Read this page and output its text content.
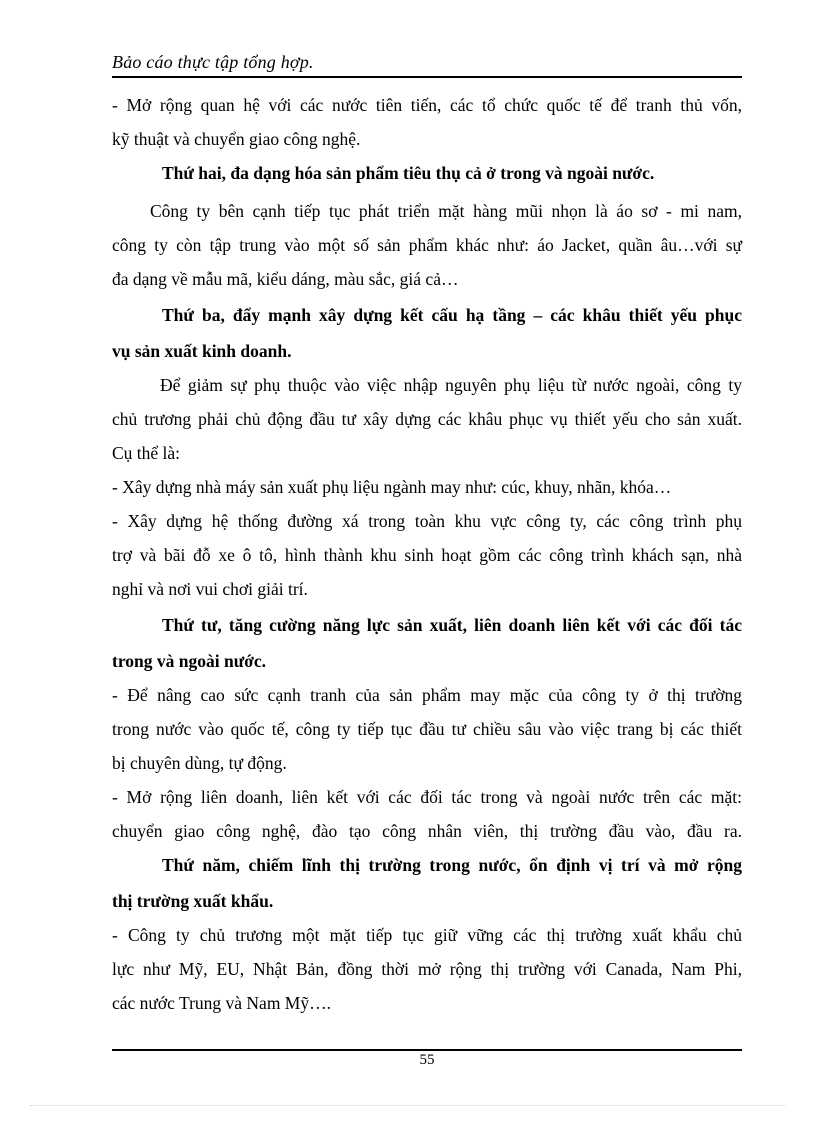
Bảo cáo thực tập tổng hợp.
- Mở rộng quan hệ với các nước tiên tiến, các tổ chức quốc tế để tranh thủ vốn,
kỹ thuật và chuyển giao công nghệ.
Thứ hai, đa dạng hóa sản phẩm tiêu thụ cả ở trong và ngoài nước.
Công ty bên cạnh tiếp tục phát triển mặt hàng mũi nhọn là áo sơ - mi nam,
công ty còn tập trung vào một số sản phẩm khác như: áo Jacket, quần âu…với sự
đa dạng về mẫu mã, kiểu dáng, màu sắc, giá cả…
Thứ ba, đẩy mạnh xây dựng kết cấu hạ tầng – các khâu thiết yếu phục
vụ sản xuất kinh doanh.
Để giảm sự phụ thuộc vào việc nhập nguyên phụ liệu từ nước ngoài, công ty
chủ trương phải chủ động đầu tư xây dựng các khâu phục vụ thiết yếu cho sản xuất.
Cụ thể là:
- Xây dựng nhà máy sản xuất phụ liệu ngành may như: cúc, khuy, nhãn, khóa…
- Xây dựng hệ thống đường xá trong toàn khu vực công ty, các công trình phụ
trợ và bãi đỗ xe ô tô, hình thành khu sinh hoạt gồm các công trình khách sạn, nhà
nghỉ và nơi vui chơi giải trí.
Thứ tư, tăng cường năng lực sản xuất, liên doanh liên kết với các đối tác
trong và ngoài nước.
- Để nâng cao sức cạnh tranh của sản phẩm may mặc của công ty ở thị trường
trong nước vào quốc tế, công ty tiếp tục đầu tư chiều sâu vào việc trang bị các thiết
bị chuyên dùng, tự động.
- Mở rộng liên doanh, liên kết với các đối tác trong và ngoài nước trên các mặt:
chuyển giao công nghệ, đào tạo công nhân viên, thị trường đầu vào, đầu ra.
Thứ năm, chiếm lĩnh thị trường trong nước, ổn định vị trí và mở rộng
thị trường xuất khẩu.
- Công ty chủ trương một mặt tiếp tục giữ vững các thị trường xuất khẩu chủ
lực như Mỹ, EU, Nhật Bản, đồng thời mở rộng thị trường với Canada, Nam Phi,
các nước Trung và Nam Mỹ….
55
